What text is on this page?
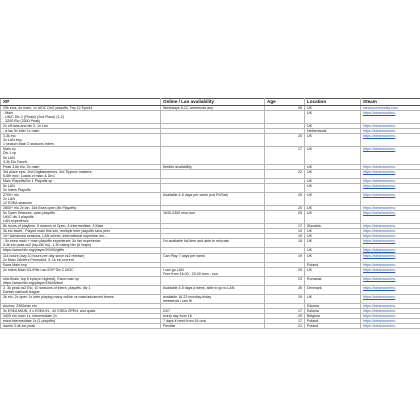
XP	Online / Lan availability	Age	Location	Steam

29k elos, 6x main, 1x UKIC Div2 playoffs, Top 12 Epic44	Weekdays 5-12, weekends any	26	UK	steamcommunity.com

- Main
- UKIC Div 1 (Finals) (2nd Place) (1-2)
- 3200 Elo (3300 Peak)			UK	https://steamcommu

2x off-lans and div 2, 1x Lan			UK	https://steamcommu

- a lan 5x inter 1x main			Netherlands	https://steamcommu

3.3k elo
3x LAN exp
1 season Main 2 seasons Inters		20	UK	https://steamcommu

Main xp
Div 1 xp
5x LAN
3.3k Elo Faceit		17	UK	https://steamcommu

Peak 3.6k elo, 2x main	flexible availability		UK	https://steamcommu

3rd place epic, 2nd Digitalwarriors, 3rd Tippmix masters,
5-6th epic, Loads of main & Div1		22	UK	https://steamcommu

Main Playoffs/Div 1 Playoffs xp			UK	https://steamcommu

5x LAN
3x Inters Playoffs			UK	https://steamcommu

2700+ elo
2x LAN
12 ESEA seasons	Available 4-5 days per week (not Fri/Sat)	25	UK	https://steamcommu

2800+ elo 2x lan, 16x Esea open (8x Playoffs)		20	UK	https://steamcommu

5x Open Seasons, open playoffs
UKIC div 3 playoffs
LAN experience	1630-2300 mon-sun	25	UK	https://steamcommu

8k hours of playtime. 5 season of Open, 4 Intermediate, 3 Main.		17	Slovakia	https://steamcommu

3k elo faceit , Played main this szn, multiple inter playoffs szns prev		19	UK	https://steamcommu

10+ Advanced seasons, LAN winner, international superstar etc...		19	UK	https://steamcommu

- 5x esea main + main playoffs experience; 5x lan experience
3.4k elo peak cs2 (top150 eu), 1.30 rating hltv (6 maps)	I'm available full time and able to relocate.	18	UK	https://steamcommu

https://www.hltv.org/player/20490/gliffs			UK	https://steamcommu

11k hours (avg 10 hours per day since cs2 release)
2x Main 2xInters Promoted, 3: 1k elo current	Can Play 7 days per week	19	UK	https://steamcommu

Esea Main exp			Poland	https://steamcommu

2x Inters Main ICL/Rife Lan EXP Div 2 UKIC	I can go LAN
Free from 16.00 - 23.00 mon - sun	25	UK	https://steamcommu

ukic finals, top 6 epic(on highest), Esea main xp
https://www.hltv.org/player/24628/skol		23	Romania	https://steamcommu

3. 3k peak cs2 Elo, 10 seasons of inters, playoffs, div 1
Danish national league	Available 4-5 days a week, able to go to LAN	26	Denmark	https://steamcommu

3k elo, 2x open 1x inter playing many online vs main/advanced teams	available 16-23 monday-friday
weekends i can fit	19	UK	https://steamcommu

Anchor, 2300max elo			Estonia	https://steamcommu

3x ESEA MAIN, 4 x ESEA IN.. 4X ESEA OPEN, alot quals	24/7	17	Estonia	https://steamcommu

3400 elo main 1x, intermediate 2x	every day from 16	20	Belgium	https://steamcommu

esea intermediate 2x (1 playoffs)	7 days if need from 16 ocst	17	Poland	https://steamcommu

4amin 3.4k elo peak	Flexible	21	Poland	https://steamcommu
